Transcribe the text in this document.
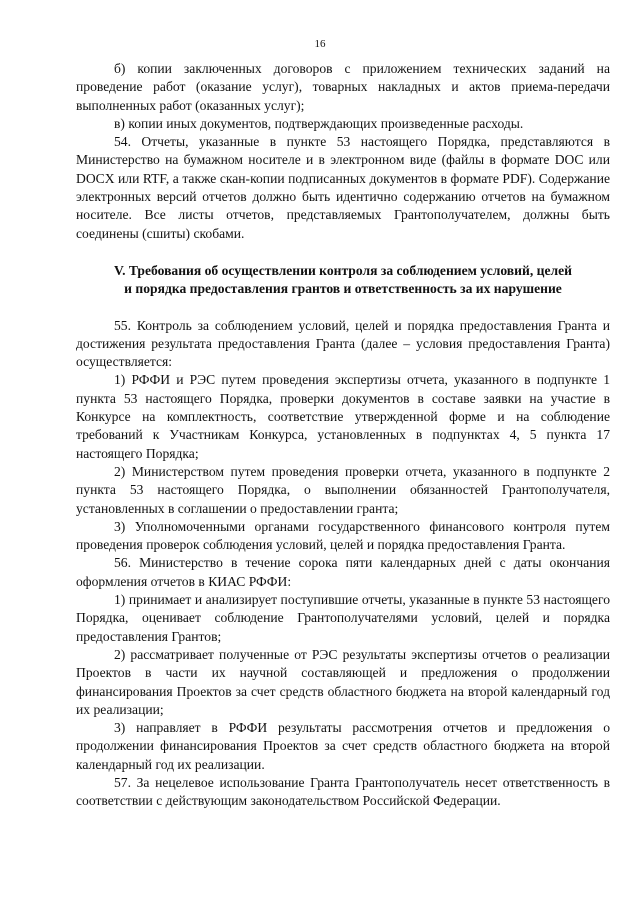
16

б) копии заключенных договоров с приложением технических заданий на проведение работ (оказание услуг), товарных накладных и актов приема-передачи выполненных работ (оказанных услуг);

в) копии иных документов, подтверждающих произведенные расходы.

54. Отчеты, указанные в пункте 53 настоящего Порядка, представляются в Министерство на бумажном носителе и в электронном виде (файлы в формате DOC или DOCX или RTF, а также скан-копии подписанных документов в формате PDF). Содержание электронных версий отчетов должно быть идентично содержанию отчетов на бумажном носителе. Все листы отчетов, представляемых Грантополучателем, должны быть соединены (сшиты) скобами.

V. Требования об осуществлении контроля за соблюдением условий, целей
и порядка предоставления грантов и ответственность за их нарушение

55. Контроль за соблюдением условий, целей и порядка предоставления Гранта и достижения результата предоставления Гранта (далее – условия предоставления Гранта) осуществляется:

1) РФФИ и РЭС путем проведения экспертизы отчета, указанного в подпункте 1 пункта 53 настоящего Порядка, проверки документов в составе заявки на участие в Конкурсе на комплектность, соответствие утвержденной форме и на соблюдение требований к Участникам Конкурса, установленных в подпунктах 4, 5 пункта 17 настоящего Порядка;

2) Министерством путем проведения проверки отчета, указанного в подпункте 2 пункта 53 настоящего Порядка, о выполнении обязанностей Грантополучателя, установленных в соглашении о предоставлении гранта;

3) Уполномоченными органами государственного финансового контроля путем проведения проверок соблюдения условий, целей и порядка предоставления Гранта.

56. Министерство в течение сорока пяти календарных дней с даты окончания оформления отчетов в КИАС РФФИ:

1) принимает и анализирует поступившие отчеты, указанные в пункте 53 настоящего Порядка, оценивает соблюдение Грантополучателями условий, целей и порядка предоставления Грантов;

2) рассматривает полученные от РЭС результаты экспертизы отчетов о реализации Проектов в части их научной составляющей и предложения о продолжении финансирования Проектов за счет средств областного бюджета на второй календарный год их реализации;

3) направляет в РФФИ результаты рассмотрения отчетов и предложения о продолжении финансирования Проектов за счет средств областного бюджета на второй календарный год их реализации.

57. За нецелевое использование Гранта Грантополучатель несет ответственность в соответствии с действующим законодательством Российской Федерации.
